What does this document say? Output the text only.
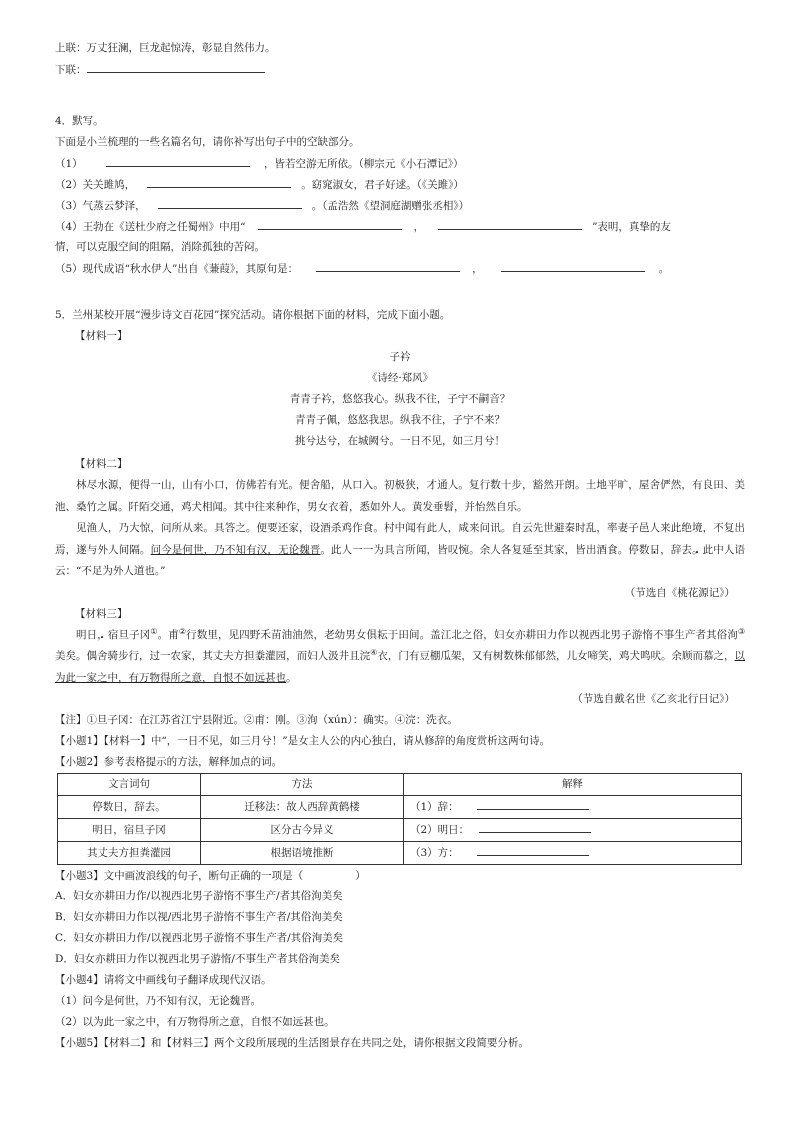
上联：万丈狂澜，巨龙起惊涛，彰显自然伟力。
下联：
4．默写。
下面是小兰梳理的一些名篇名句，请你补写出句子中的空缺部分。
（1）	，皆若空游无所依。（柳宗元《小石潭记》）
（2）关关雎鸠，	。窈窕淑女，君子好逑。（《关雎》）
（3）气蒸云梦泽，	。（孟浩然《望洞庭湖赠张丞相》）
（4）王勃在《送杜少府之任蜀州》中用“	，	”表明，真挚的友
情，可以克服空间的阻隔，消除孤独的苦闷。
（5）现代成语“秋水伊人”出自《蒹葭》，其原句是：	，	。
5．兰州某校开展“漫步诗文百花园”探究活动。请你根据下面的材料，完成下面小题。
【材料一】
子衿
《诗经·郑风》
青青子衿，悠悠我心。纵我不往，子宁不嗣音？
青青子佩，悠悠我思。纵我不往，子宁不来？
挑兮达兮，在城阙兮。一日不见，如三月兮！
【材料二】
林尽水源，便得一山，山有小口，仿佛若有光。便舍船，从口入。初极狭，才通人。复行数十步，豁然开朗。土地平旷，屋舍俨然，有良田、美池、桑竹之属。阡陌交通，鸡犬相闻。其中往来种作，男女衣着，悉如外人。黄发垂髫，并怡然自乐。
见渔人，乃大惊，问所从来。具答之。便要还家，设酒杀鸡作食。村中闻有此人，咸来问讯。自云先世避秦时乱，率妻子邑人来此绝境，不复出焉，遂与外人间隔。问今是何世，乃不知有汉，无论魏晋。此人一一为具言所闻，皆叹惋。余人各复延至其家，皆出酒食。停 •数日，辞 •去。此中人语云：“不足为外人道也。”
（节选自《桃花源记》）
【材料三】
明 •日，宿旦子冈①。甫②行数里，见四野禾苗油油然，老幼男女俱耘于田间。盖江北之俗，妇女亦耕田力作以视西北男子游惰不事生产者其俗洵③美矣。偶舍骑步行，过一农家，其丈夫方 •担粪灌园，而妇人汲井且浣④衣，门有豆棚瓜架，又有树数株郁郁然，儿女啼笑，鸡犬鸣吠。余顾而慕之，以为此一家之中，有万物得所之意，自恨不如远甚也。
（节选自戴名世《乙亥北行日记》）
【注】①旦子冈：在江苏省江宁县附近。②甫：刚。③洵（xún）：确实。④浣：洗衣。
【小题1】【材料一】中“，一日不见，如三月兮！”是女主人公的内心独白，请从修辞的角度赏析这两句诗。
【小题2】参考表格提示的方法，解释加点的词。
文言词句	方法	解释
停数日，辞去。	迁移法：故人西辞黄鹤楼	（1）辞：
明日，宿旦子冈	区分古今异义	（2）明日：
其丈夫方担粪灌园	根据语境推断	（3）方：
【小题3】文中画波浪线的句子，断句正确的一项是（	）
A．妇女亦耕田力作/以视西北男子游惰不事生产/者其俗洵美矣
B．妇女亦耕田力作以视/西北男子游惰不事生产者/其俗洵美矣
C．妇女亦耕田力作/以视西北男子游惰不事生产者/其俗洵美矣
D．妇女亦耕田力作以视西北男子游惰/不事生产者其俗洵美矣
【小题4】请将文中画线句子翻译成现代汉语。
（1）问今是何世，乃不知有汉，无论魏晋。
（2）以为此一家之中，有万物得所之意，自恨不如远甚也。
【小题5】【材料二】和【材料三】两个文段所展现的生活图景存在共同之处，请你根据文段简要分析。
